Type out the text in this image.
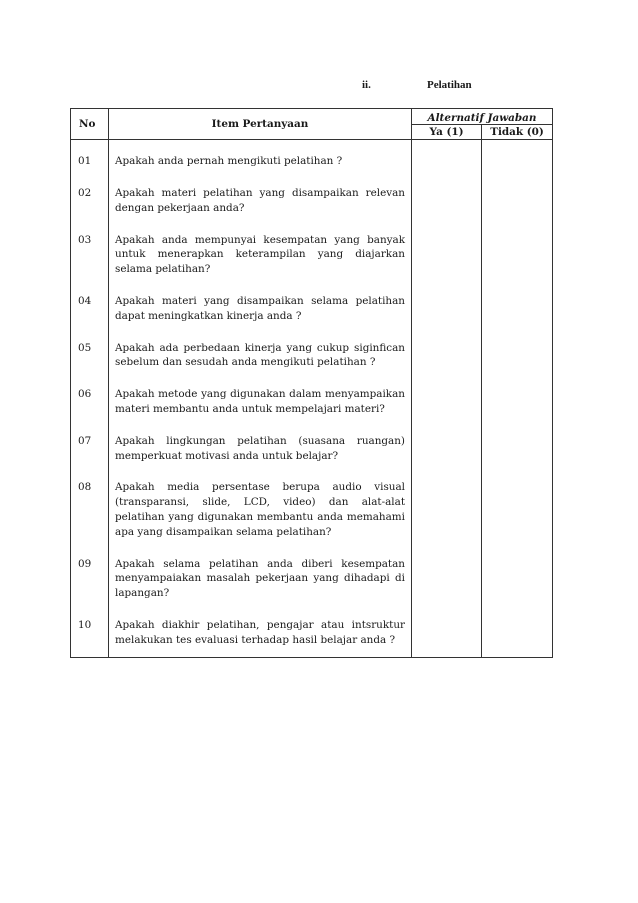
ii.	Pelatihan
No	Item Pertanyaan	Alternatif Jawaban	
		Ya (1)	Tidak (0)
01	Apakah anda pernah mengikuti pelatihan ?		
02	Apakah materi pelatihan yang disampaikan relevan dengan pekerjaan anda?		
03	Apakah anda mempunyai kesempatan yang banyak untuk menerapkan keterampilan yang diajarkan selama pelatihan?		
04	Apakah materi yang disampaikan selama pelatihan dapat meningkatkan kinerja anda ?		
05	Apakah ada perbedaan kinerja yang cukup siginfican sebelum dan sesudah anda mengikuti pelatihan ?		
06	Apakah metode yang digunakan dalam menyampaikan materi membantu anda untuk mempelajari materi?		
07	Apakah lingkungan pelatihan (suasana ruangan) memperkuat motivasi anda untuk belajar?		
08	Apakah media persentase berupa audio visual (transparansi, slide, LCD, video) dan alat-alat pelatihan yang digunakan membantu anda memahami apa yang disampaikan selama pelatihan?		
09	Apakah selama pelatihan anda diberi kesempatan menyampaiakan masalah pekerjaan yang dihadapi di lapangan?		
10	Apakah diakhir pelatihan, pengajar atau intsruktur melakukan tes evaluasi terhadap hasil belajar anda ?		
